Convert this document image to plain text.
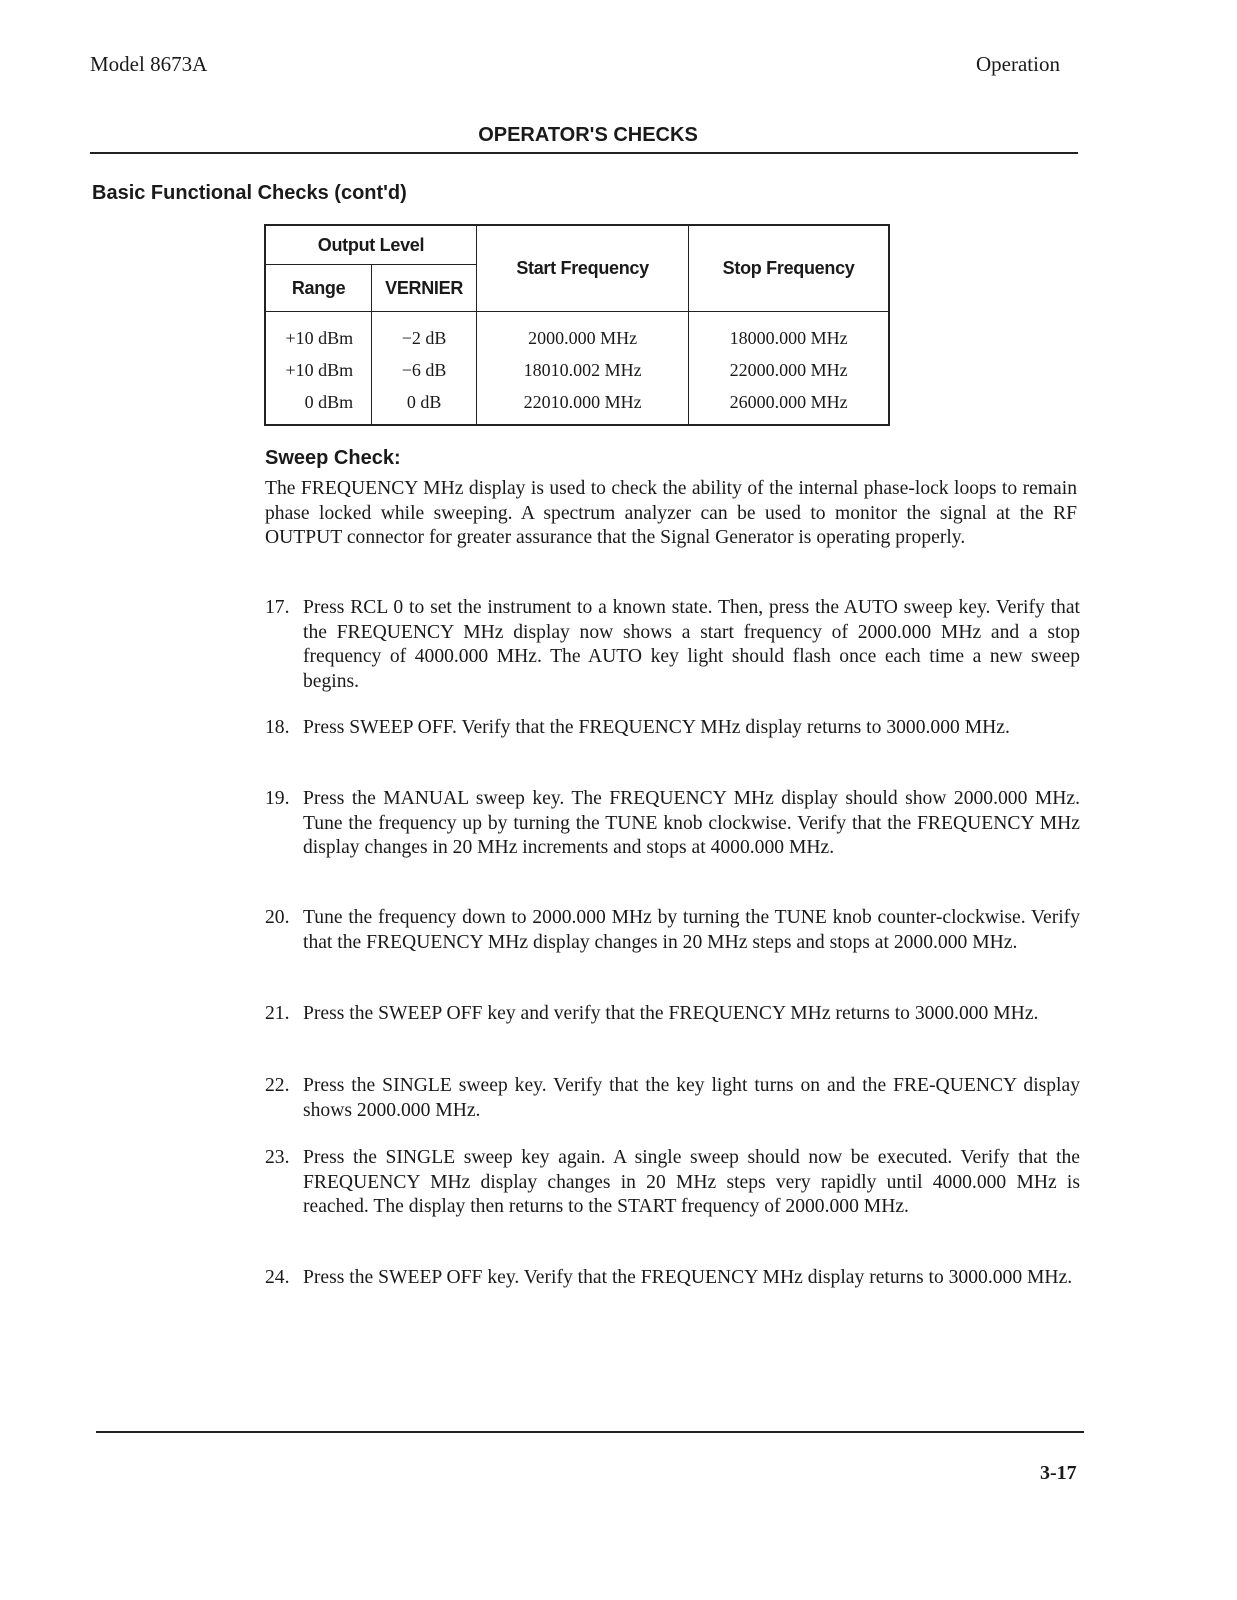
Model 8673A	Operation
OPERATOR'S CHECKS
Basic Functional Checks (cont'd)
Output Level		Start Frequency	Stop Frequency
Range	VERNIER		
+10 dBm	−2 dB	2000.000 MHz	18000.000 MHz
+10 dBm	−6 dB	18010.002 MHz	22000.000 MHz
0 dBm	0 dB	22010.000 MHz	26000.000 MHz
Sweep Check:
The FREQUENCY MHz display is used to check the ability of the internal phase-lock loops to remain phase locked while sweeping. A spectrum analyzer can be used to monitor the signal at the RF OUTPUT connector for greater assurance that the Signal Generator is operating properly.
17. Press RCL 0 to set the instrument to a known state. Then, press the AUTO sweep key. Verify that the FREQUENCY MHz display now shows a start frequency of 2000.000 MHz and a stop frequency of 4000.000 MHz. The AUTO key light should flash once each time a new sweep begins.
18. Press SWEEP OFF. Verify that the FREQUENCY MHz display returns to 3000.000 MHz.
19. Press the MANUAL sweep key. The FREQUENCY MHz display should show 2000.000 MHz. Tune the frequency up by turning the TUNE knob clockwise. Verify that the FREQUENCY MHz display changes in 20 MHz increments and stops at 4000.000 MHz.
20. Tune the frequency down to 2000.000 MHz by turning the TUNE knob counter-clockwise. Verify that the FREQUENCY MHz display changes in 20 MHz steps and stops at 2000.000 MHz.
21. Press the SWEEP OFF key and verify that the FREQUENCY MHz returns to 3000.000 MHz.
22. Press the SINGLE sweep key. Verify that the key light turns on and the FRE-QUENCY display shows 2000.000 MHz.
23. Press the SINGLE sweep key again. A single sweep should now be executed. Verify that the FREQUENCY MHz display changes in 20 MHz steps very rapidly until 4000.000 MHz is reached. The display then returns to the START frequency of 2000.000 MHz.
24. Press the SWEEP OFF key. Verify that the FREQUENCY MHz display returns to 3000.000 MHz.
3-17
